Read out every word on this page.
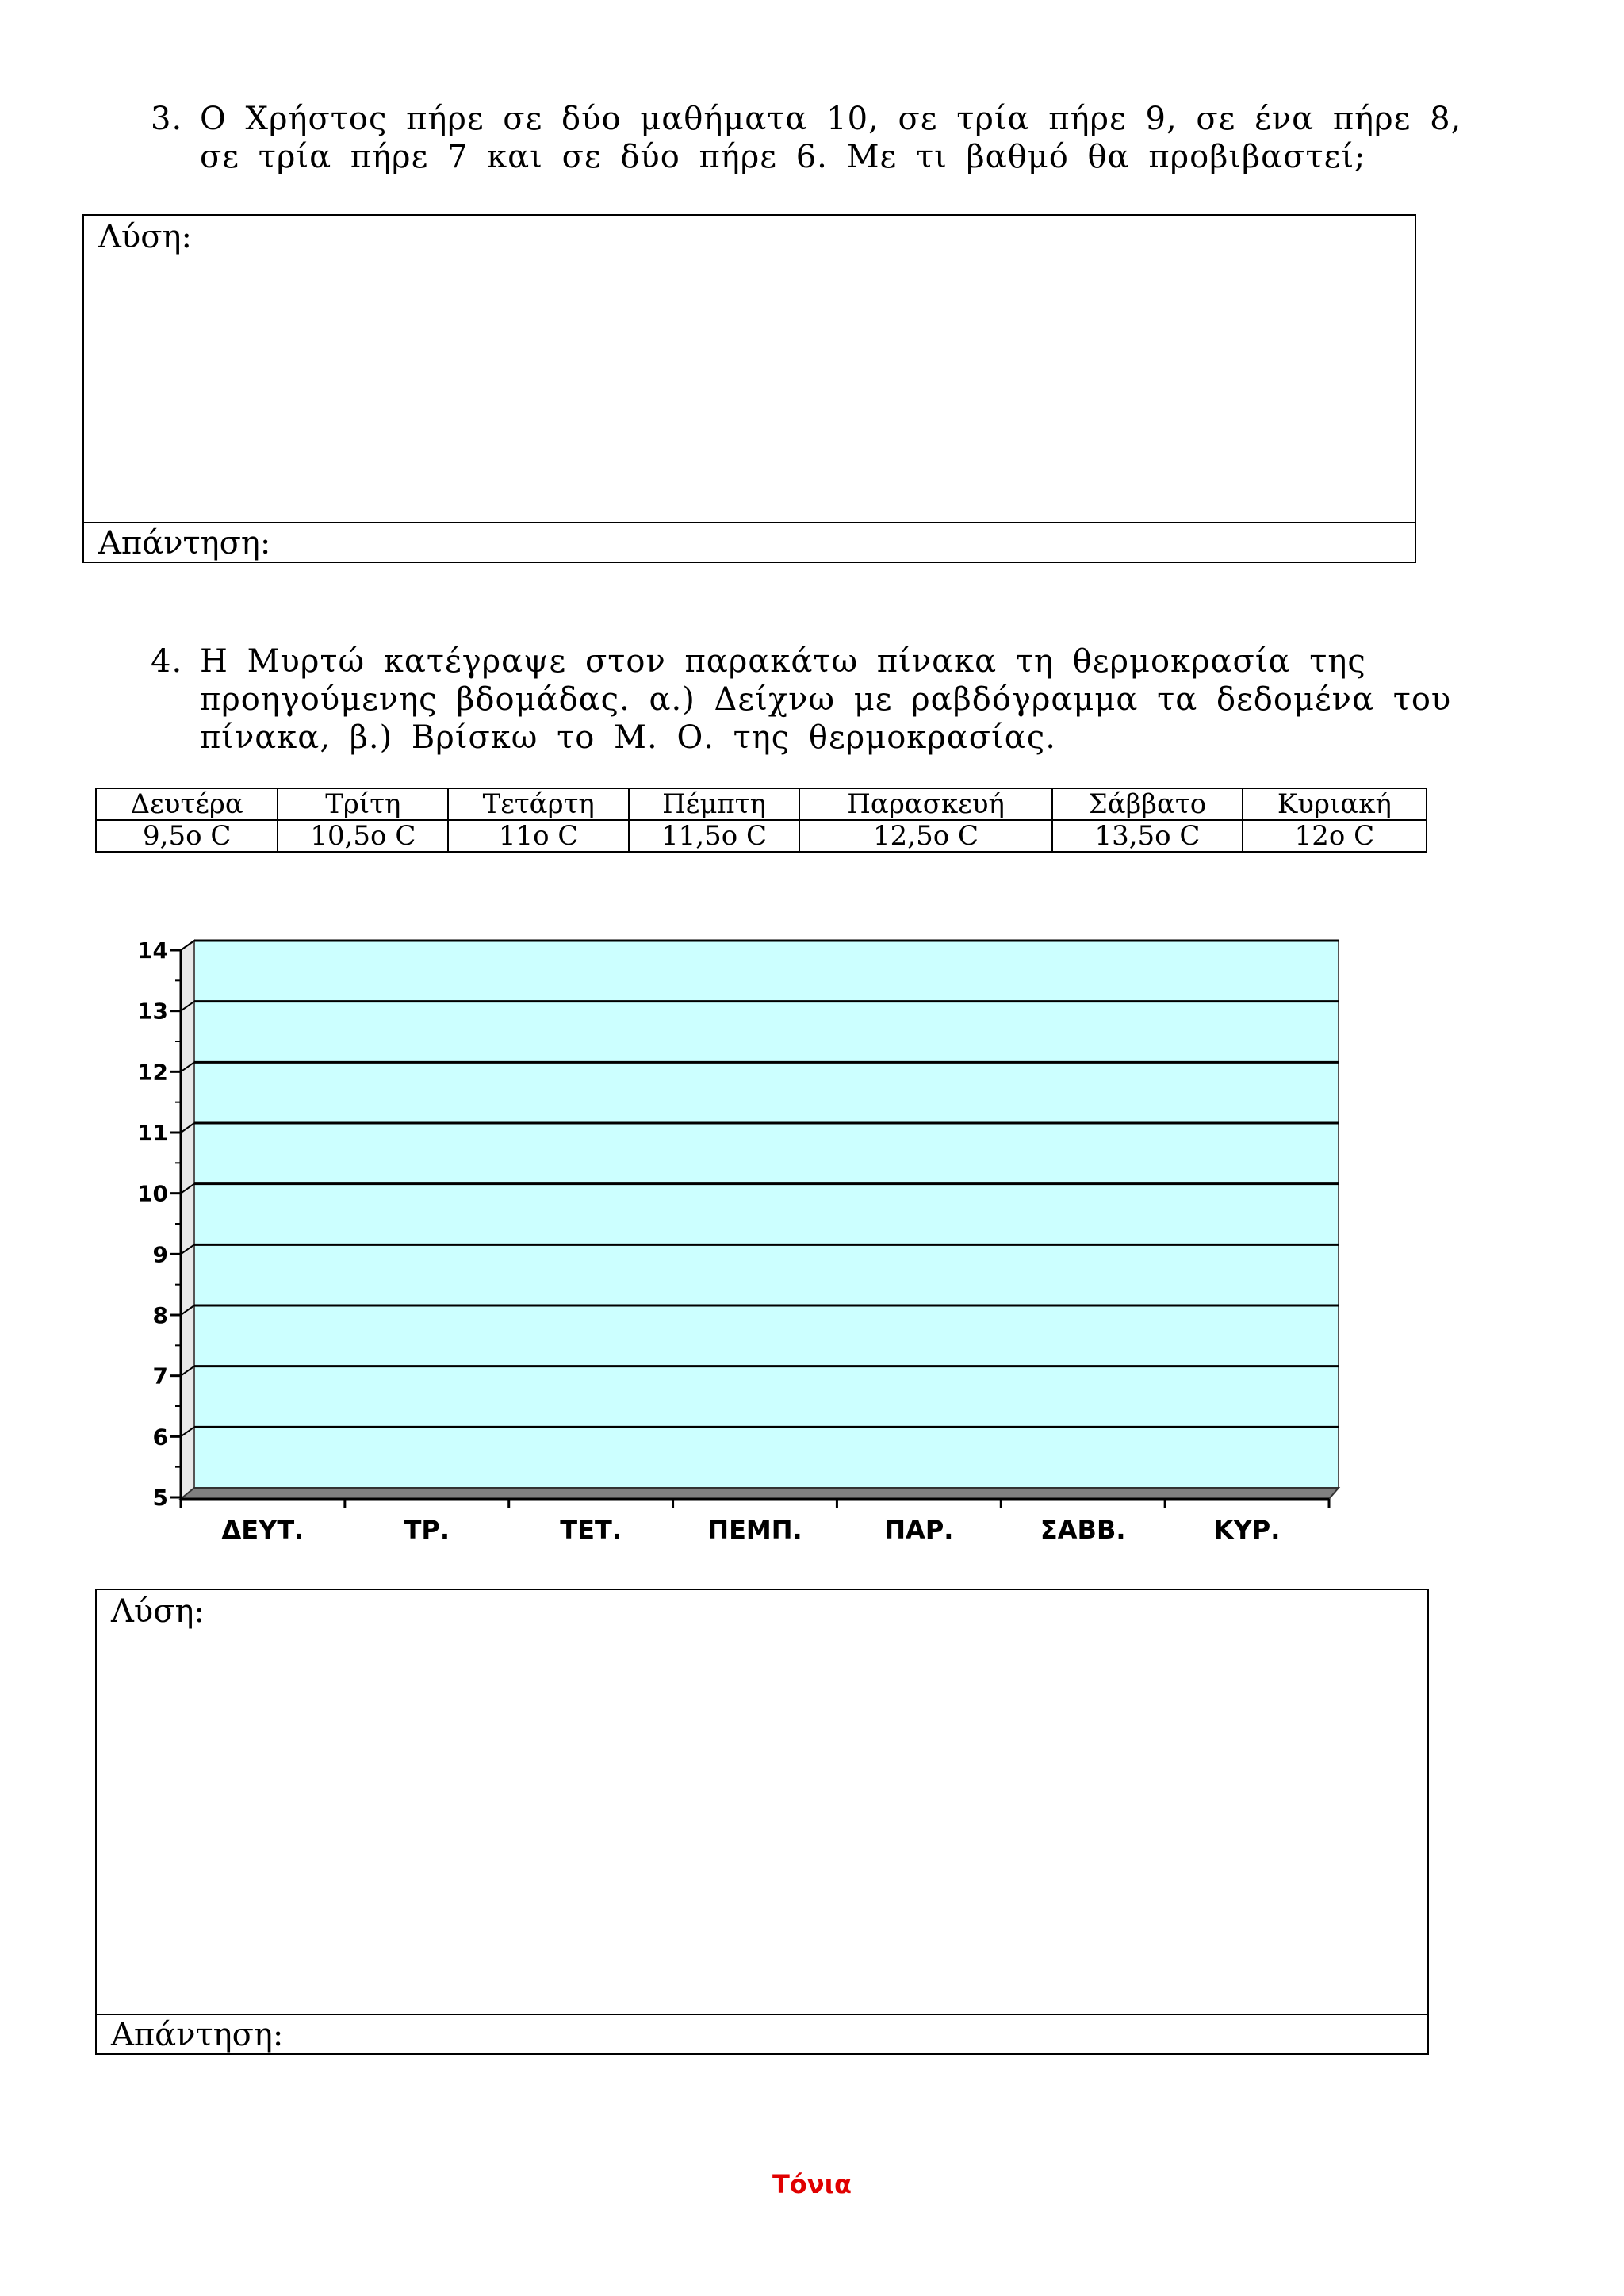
3. Ο Χρήστος πήρε σε δύο μαθήματα 10, σε τρία πήρε 9, σε ένα πήρε 8,
σε τρία πήρε 7 και σε δύο πήρε 6. Με τι βαθμό θα προβιβαστεί;
Λύση:
Απάντηση:
4. Η Μυρτώ κατέγραψε στον παρακάτω πίνακα τη θερμοκρασία της
προηγούμενης βδομάδας. α.) Δείχνω με ραβδόγραμμα τα δεδομένα του
πίνακα, β.) Βρίσκω το Μ. Ο. της θερμοκρασίας.
Δευτέρα	Τρίτη	Τετάρτη	Πέμπτη	Παρασκευή	Σάββατο	Κυριακή
9,5ο C	10,5ο C	11ο C	11,5ο C	12,5ο C	13,5ο C	12ο C
5
6
7
8
9
10
11
12
13
14
ΔΕΥΤ.	ΤΡ.	ΤΕΤ.	ΠΕΜΠ.	ΠΑΡ.	ΣΑΒΒ.	ΚΥΡ.
Λύση:
Απάντηση:
Τόνια
